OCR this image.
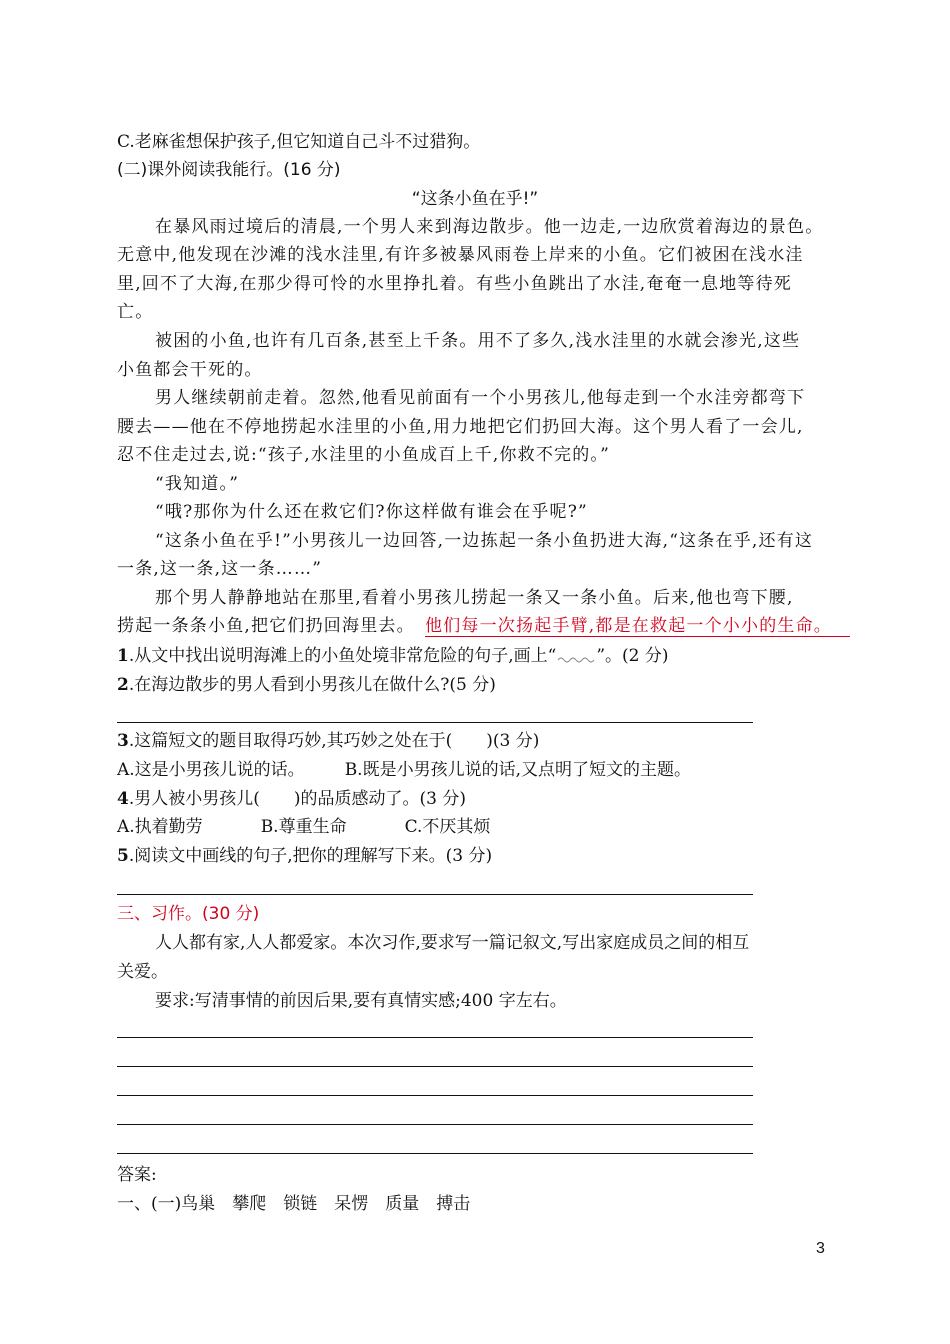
C.老麻雀想保护孩子,但它知道自己斗不过猎狗。
(二)课外阅读我能行。(16 分)
“这条小鱼在乎!”
在暴风雨过境后的清晨,一个男人来到海边散步。他一边走,一边欣赏着海边的景色。
无意中,他发现在沙滩的浅水洼里,有许多被暴风雨卷上岸来的小鱼。它们被困在浅水洼
里,回不了大海,在那少得可怜的水里挣扎着。有些小鱼跳出了水洼,奄奄一息地等待死
亡。
被困的小鱼,也许有几百条,甚至上千条。用不了多久,浅水洼里的水就会渗光,这些
小鱼都会干死的。
男人继续朝前走着。忽然,他看见前面有一个小男孩儿,他每走到一个水洼旁都弯下
腰去——他在不停地捞起水洼里的小鱼,用力地把它们扔回大海。这个男人看了一会儿,
忍不住走过去,说:“孩子,水洼里的小鱼成百上千,你救不完的。”
“我知道。”
“哦?那你为什么还在救它们?你这样做有谁会在乎呢?”
“这条小鱼在乎!”小男孩儿一边回答,一边拣起一条小鱼扔进大海,“这条在乎,还有这
一条,这一条,这一条……”
那个男人静静地站在那里,看着小男孩儿捞起一条又一条小鱼。后来,他也弯下腰,
捞起一条条小鱼,把它们扔回海里去。 他们每一次扬起手臂,都是在救起一个小小的生命。
1.从文中找出说明海滩上的小鱼处境非常危险的句子,画上“ ”。(2 分)
2.在海边散步的男人看到小男孩儿在做什么?(5 分)
3.这篇短文的题目取得巧妙,其巧妙之处在于(　　)(3 分)
A.这是小男孩儿说的话。 B.既是小男孩儿说的话,又点明了短文的主题。
4.男人被小男孩儿(　　)的品质感动了。(3 分)
A.执着勤劳	B.尊重生命	C.不厌其烦
5.阅读文中画线的句子,把你的理解写下来。(3 分)
三、习作。(30 分)
人人都有家,人人都爱家。本次习作,要求写一篇记叙文,写出家庭成员之间的相互
关爱。
要求:写清事情的前因后果,要有真情实感;400 字左右。
答案:
一、(一)鸟巢　攀爬　锁链　呆愣　质量　搏击
3
